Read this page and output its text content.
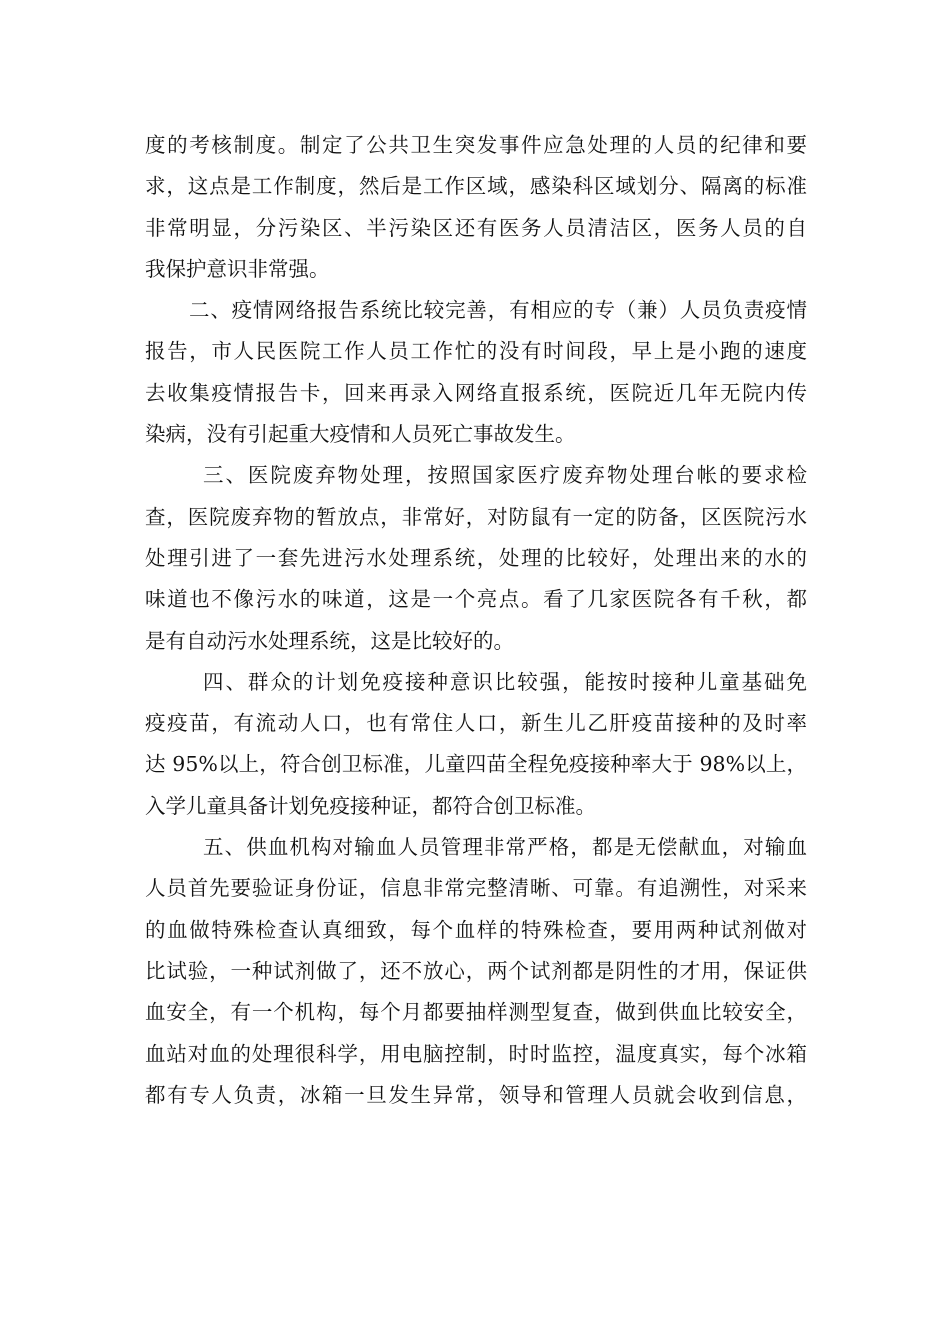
度的考核制度。制定了公共卫生突发事件应急处理的人员的纪律和要
求，这点是工作制度，然后是工作区域，感染科区域划分、隔离的标准
非常明显，分污染区、半污染区还有医务人员清洁区，医务人员的自
我保护意识非常强。
二、疫情网络报告系统比较完善，有相应的专（兼）人员负责疫情
报告，市人民医院工作人员工作忙的没有时间段，早上是小跑的速度
去收集疫情报告卡，回来再录入网络直报系统，医院近几年无院内传
染病，没有引起重大疫情和人员死亡事故发生。
三、医院废弃物处理，按照国家医疗废弃物处理台帐的要求检
查，医院废弃物的暂放点，非常好，对防鼠有一定的防备，区医院污水
处理引进了一套先进污水处理系统，处理的比较好，处理出来的水的
味道也不像污水的味道，这是一个亮点。看了几家医院各有千秋，都
是有自动污水处理系统，这是比较好的。
四、群众的计划免疫接种意识比较强，能按时接种儿童基础免
疫疫苗，有流动人口，也有常住人口，新生儿乙肝疫苗接种的及时率
达 95%以上，符合创卫标准，儿童四苗全程免疫接种率大于 98%以上，
入学儿童具备计划免疫接种证，都符合创卫标准。
五、供血机构对输血人员管理非常严格，都是无偿献血，对输血
人员首先要验证身份证，信息非常完整清晰、可靠。有追溯性，对采来
的血做特殊检查认真细致，每个血样的特殊检查，要用两种试剂做对
比试验，一种试剂做了，还不放心，两个试剂都是阴性的才用，保证供
血安全，有一个机构，每个月都要抽样测型复查，做到供血比较安全，
血站对血的处理很科学，用电脑控制，时时监控，温度真实，每个冰箱
都有专人负责，冰箱一旦发生异常，领导和管理人员就会收到信息，
